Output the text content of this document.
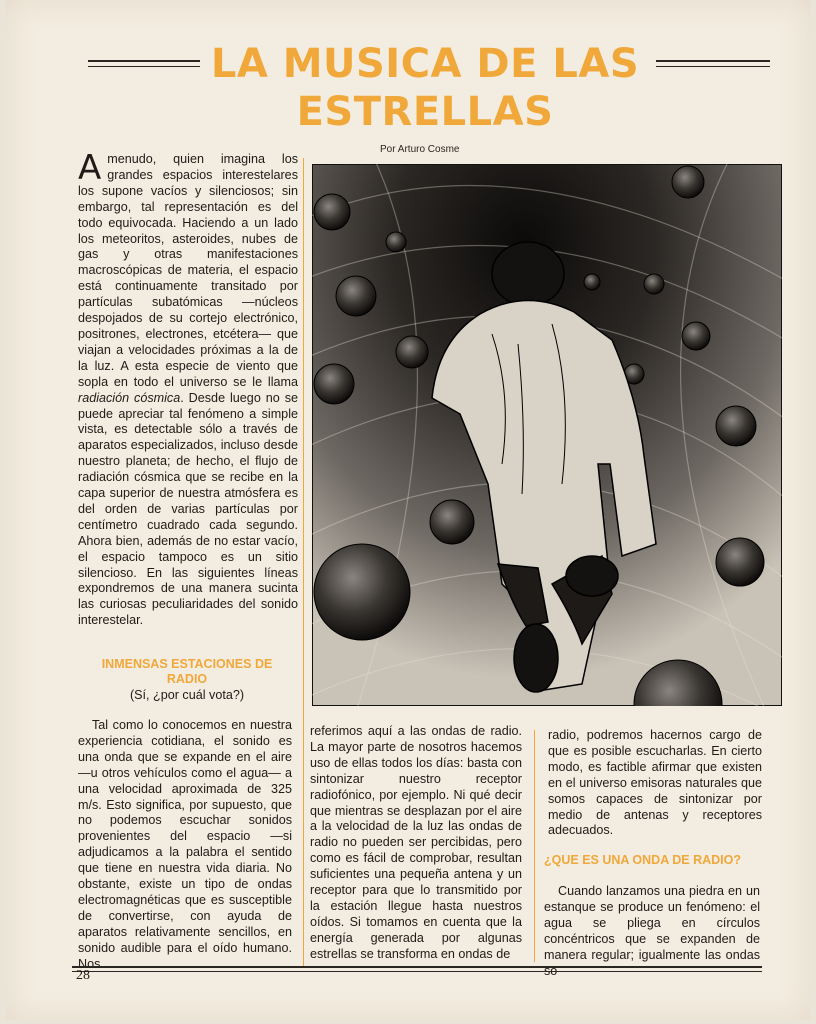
LA MUSICA DE LAS ESTRELLAS
Por Arturo Cosme

Amenudo, quien imagina los grandes espacios interestelares los supone vacíos y silenciosos; sin embargo, tal representación es del todo equivocada. Haciendo a un lado los meteoritos, asteroides, nubes de gas y otras manifestaciones macroscópicas de materia, el espacio está continuamente transitado por partículas subatómicas —núcleos despojados de su cortejo electrónico, positrones, electrones, etcétera— que viajan a velocidades próximas a la de la luz. A esta especie de viento que sopla en todo el universo se le llama radiación cósmica. Desde luego no se puede apreciar tal fenómeno a simple vista, es detectable sólo a través de aparatos especializados, incluso desde nuestro planeta; de hecho, el flujo de radiación cósmica que se recibe en la capa superior de nuestra atmósfera es del orden de varias partículas por centímetro cuadrado cada segundo. Ahora bien, además de no estar vacío, el espacio tampoco es un sitio silencioso. En las siguientes líneas expondremos de una manera sucinta las curiosas peculiaridades del sonido interestelar.

INMENSAS ESTACIONES DE RADIO
(Sí, ¿por cuál vota?)
Tal como lo conocemos en nuestra experiencia cotidiana, el sonido es una onda que se expande en el aire —u otros vehículos como el agua— a una velocidad aproximada de 325 m/s. Esto significa, por supuesto, que no podemos escuchar sonidos provenientes del espacio —si adjudicamos a la palabra el sentido que tiene en nuestra vida diaria. No obstante, existe un tipo de ondas electromagnéticas que es susceptible de convertirse, con ayuda de aparatos relativamente sencillos, en sonido audible para el oído humano. Nos
referimos aquí a las ondas de radio. La mayor parte de nosotros hacemos uso de ellas todos los días: basta con sintonizar nuestro receptor radiofónico, por ejemplo. Ni qué decir que mientras se desplazan por el aire a la velocidad de la luz las ondas de radio no pueden ser percibidas, pero como es fácil de comprobar, resultan suficientes una pequeña antena y un receptor para que lo transmitido por la estación llegue hasta nuestros oídos. Si tomamos en cuenta que la energía generada por algunas estrellas se transforma en ondas de
radio, podremos hacernos cargo de que es posible escucharlas. En cierto modo, es factible afirmar que existen en el universo emisoras naturales que somos capaces de sintonizar por medio de antenas y receptores adecuados.
¿QUE ES UNA ONDA DE RADIO?
Cuando lanzamos una piedra en un estanque se produce un fenómeno: el agua se pliega en círculos concéntricos que se expanden de manera regular; igualmente las ondas so-
28
